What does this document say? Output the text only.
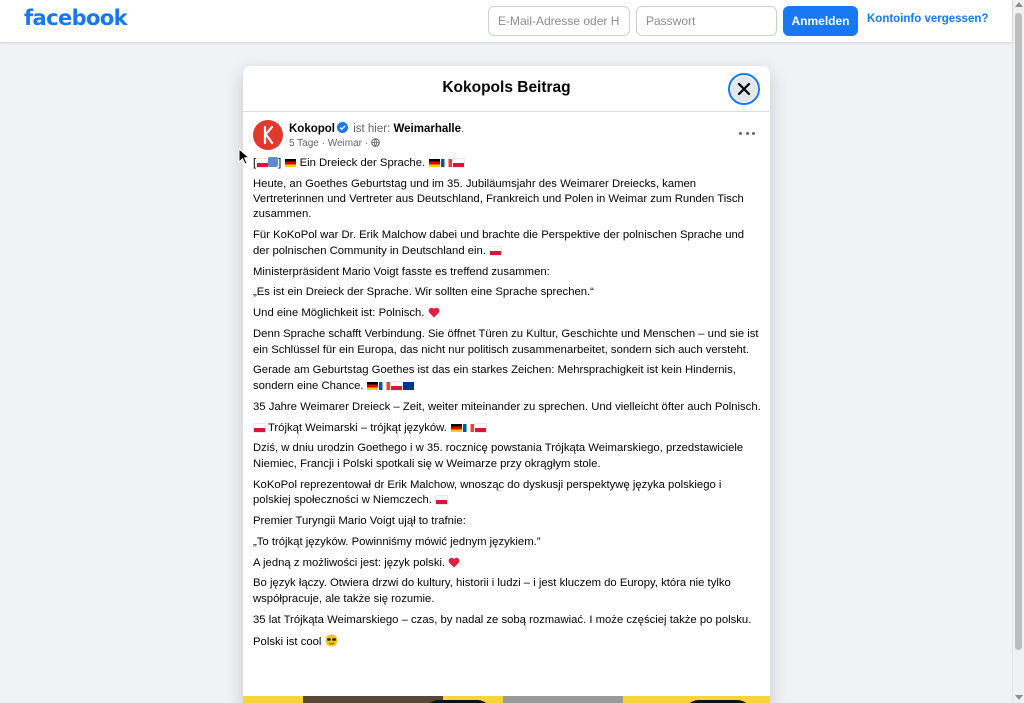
facebook
E-Mail-Adresse oder Handynummer	Anmelden	Kontoinfo vergessen?
Kokopols Beitrag
Kokopol ist hier: Weimarhalle.
5 Tage · Weimar ·

[ ]  Ein Dreieck der Sprache.

Heute, an Goethes Geburtstag und im 35. Jubiläumsjahr des Weimarer Dreiecks, kamen Vertreterinnen und Vertreter aus Deutschland, Frankreich und Polen in Weimar zum Runden Tisch zusammen.

Für KoKoPol war Dr. Erik Malchow dabei und brachte die Perspektive der polnischen Sprache und der polnischen Community in Deutschland ein.

Ministerpräsident Mario Voigt fasste es treffend zusammen:

„Es ist ein Dreieck der Sprache. Wir sollten eine Sprache sprechen.“

Und eine Möglichkeit ist: Polnisch.

Denn Sprache schafft Verbindung. Sie öffnet Türen zu Kultur, Geschichte und Menschen – und sie ist ein Schlüssel für ein Europa, das nicht nur politisch zusammenarbeitet, sondern sich auch versteht.

Gerade am Geburtstag Goethes ist das ein starkes Zeichen: Mehrsprachigkeit ist kein Hindernis, sondern eine Chance.

35 Jahre Weimarer Dreieck – Zeit, weiter miteinander zu sprechen. Und vielleicht öfter auch Polnisch.

Trójkąt Weimarski – trójkąt języków.

Dziś, w dniu urodzin Goethego i w 35. rocznicę powstania Trójkąta Weimarskiego, przedstawiciele Niemiec, Francji i Polski spotkali się w Weimarze przy okrągłym stole.

KoKoPol reprezentował dr Erik Malchow, wnosząc do dyskusji perspektywę języka polskiego i polskiej społeczności w Niemczech.

Premier Turyngii Mario Voigt ujął to trafnie:

„To trójkąt języków. Powinniśmy mówić jednym językiem.”

A jedną z możliwości jest: język polski.

Bo język łączy. Otwiera drzwi do kultury, historii i ludzi – i jest kluczem do Europy, która nie tylko współpracuje, ale także się rozumie.

35 lat Trójkąta Weimarskiego – czas, by nadal ze sobą rozmawiać. I może częściej także po polsku.

Polski ist cool
